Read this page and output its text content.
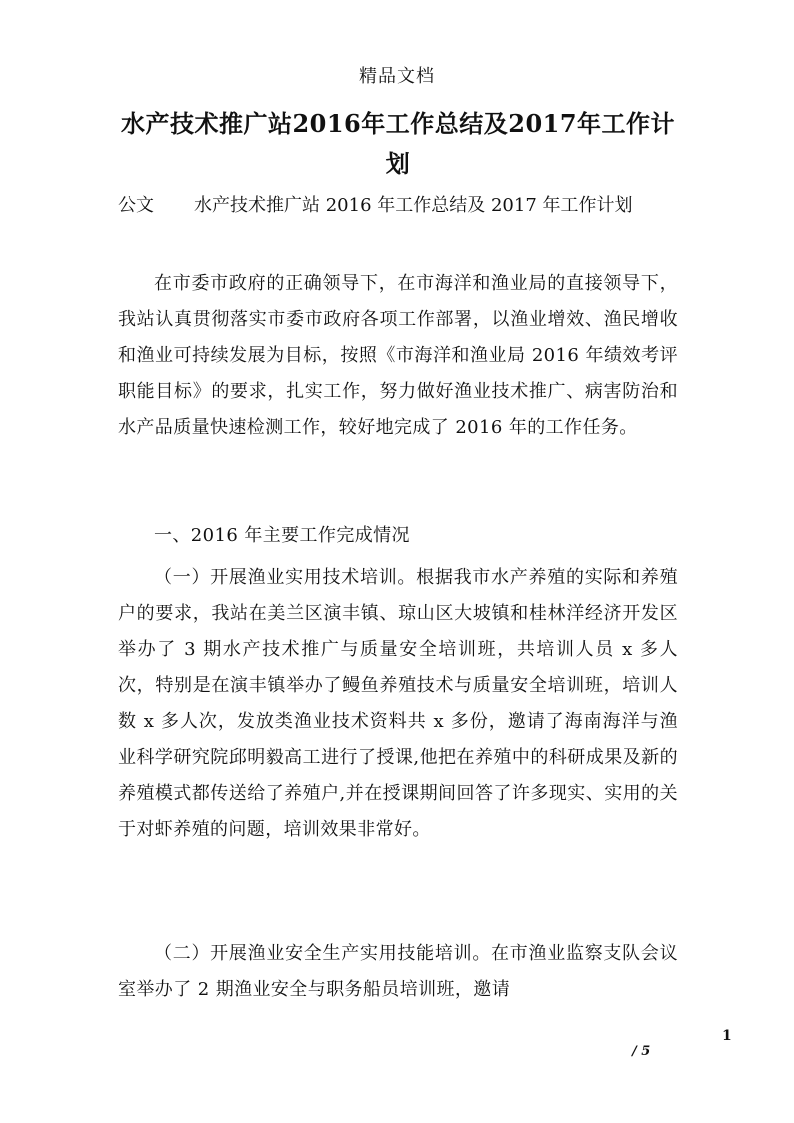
精品文档
水产技术推广站2016年工作总结及2017年工作计划
公文 水产技术推广站 2016 年工作总结及 2017 年工作计划
在市委市政府的正确领导下，在市海洋和渔业局的直接领导下，我站认真贯彻落实市委市政府各项工作部署，以渔业增效、渔民增收和渔业可持续发展为目标，按照《市海洋和渔业局 2016 年绩效考评职能目标》的要求，扎实工作，努力做好渔业技术推广、病害防治和水产品质量快速检测工作，较好地完成了 2016 年的工作任务。
一、2016 年主要工作完成情况
（一）开展渔业实用技术培训。根据我市水产养殖的实际和养殖户的要求，我站在美兰区演丰镇、琼山区大坡镇和桂林洋经济开发区举办了 3 期水产技术推广与质量安全培训班，共培训人员 x 多人次，特别是在演丰镇举办了鳗鱼养殖技术与质量安全培训班，培训人数 x 多人次，发放类渔业技术资料共 x 多份，邀请了海南海洋与渔业科学研究院邱明毅高工进行了授课,他把在养殖中的科研成果及新的养殖模式都传送给了养殖户,并在授课期间回答了许多现实、实用的关于对虾养殖的问题，培训效果非常好。
（二）开展渔业安全生产实用技能培训。在市渔业监察支队会议室举办了 2 期渔业安全与职务船员培训班，邀请
1
/ 5
